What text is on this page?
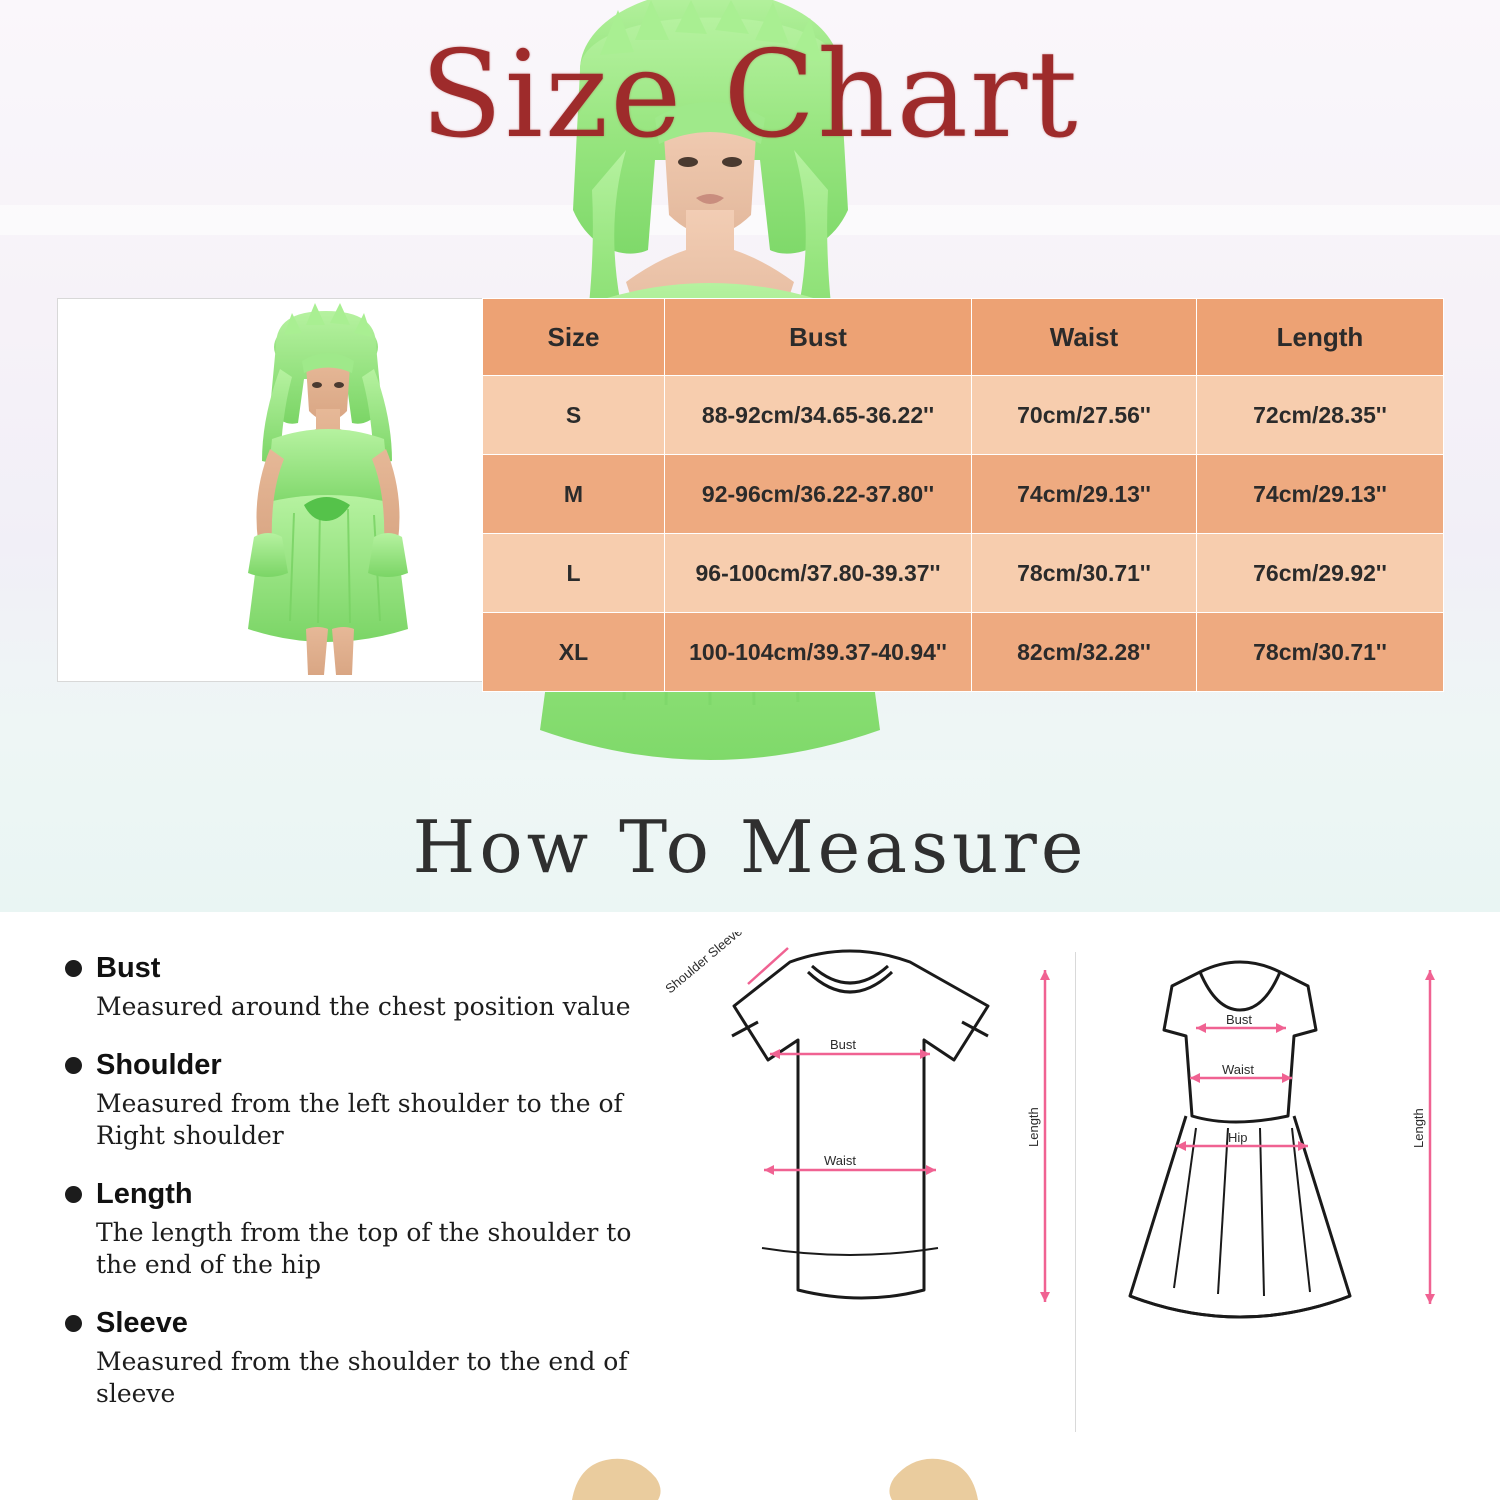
Size Chart
Size	Bust	Waist	Length
S	88-92cm/34.65-36.22''	70cm/27.56''	72cm/28.35''
M	92-96cm/36.22-37.80''	74cm/29.13''	74cm/29.13''
L	96-100cm/37.80-39.37''	78cm/30.71''	76cm/29.92''
XL	100-104cm/39.37-40.94''	82cm/32.28''	78cm/30.71''
How To Measure
Bust
Measured around the chest position value
Shoulder
Measured from the left shoulder to the of Right shoulder
Length
The length from the top of the shoulder to the end of the hip
Sleeve
Measured from the shoulder to the end of sleeve
Shoulder Sleeve
Bust
Waist
Length
Bust
Waist
Hip	Length
